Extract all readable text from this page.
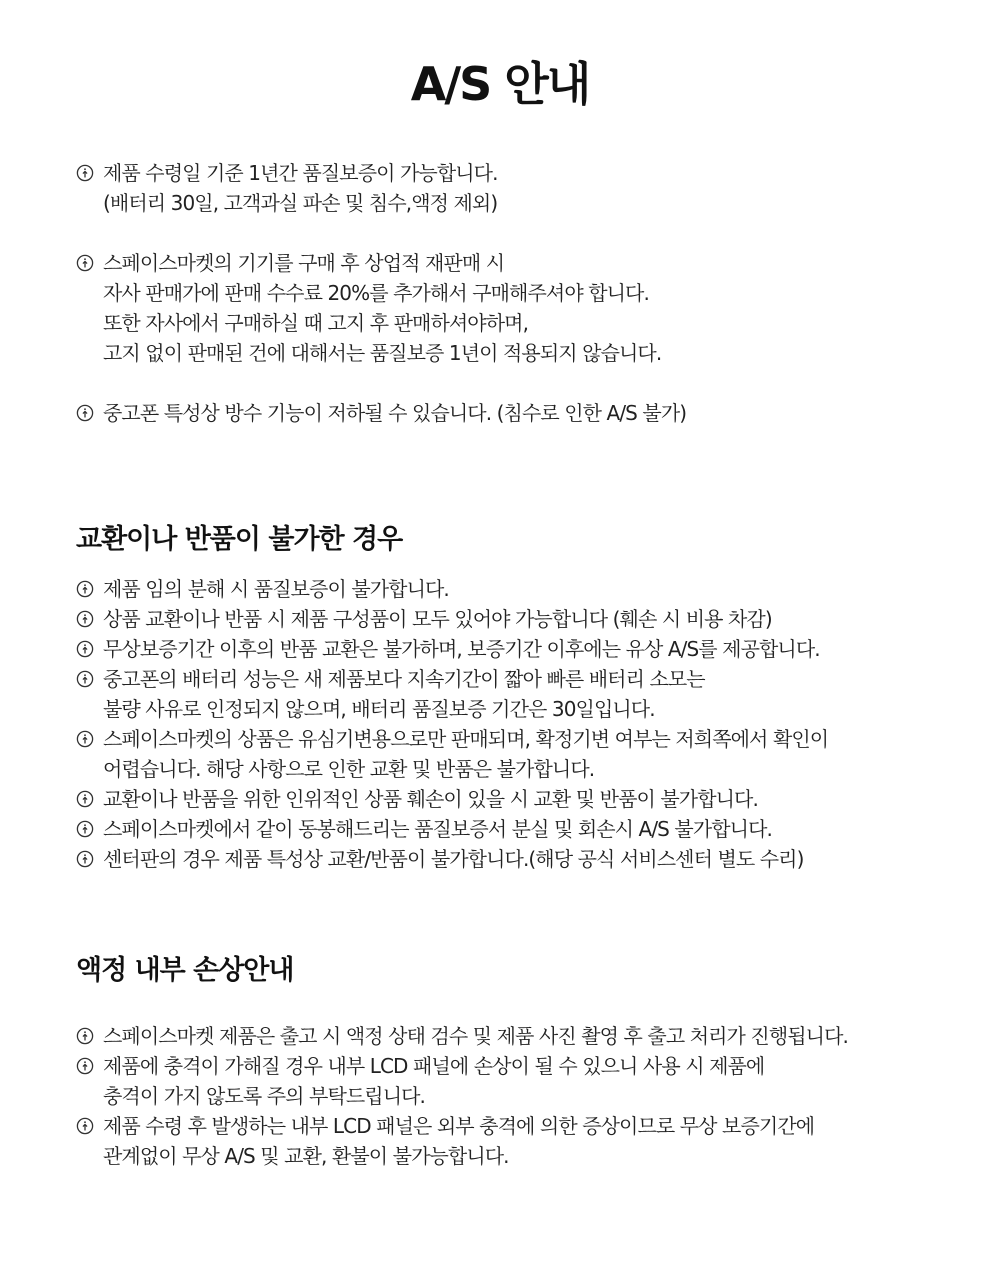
A/S 안내
제품 수령일 기준 1년간 품질보증이 가능합니다.
(배터리 30일, 고객과실 파손 및 침수,액정 제외)
스페이스마켓의 기기를 구매 후 상업적 재판매 시
자사 판매가에 판매 수수료 20%를 추가해서 구매해주셔야 합니다.
또한 자사에서 구매하실 때 고지 후 판매하셔야하며,
고지 없이 판매된 건에 대해서는 품질보증 1년이 적용되지 않습니다.
중고폰 특성상 방수 기능이 저하될 수 있습니다. (침수로 인한 A/S 불가)
교환이나 반품이 불가한 경우
제품 임의 분해 시 품질보증이 불가합니다.
상품 교환이나 반품 시 제품 구성품이 모두 있어야 가능합니다 (훼손 시 비용 차감)
무상보증기간 이후의 반품 교환은 불가하며, 보증기간 이후에는 유상 A/S를 제공합니다.
중고폰의 배터리 성능은 새 제품보다 지속기간이 짧아 빠른 배터리 소모는
불량 사유로 인정되지 않으며, 배터리 품질보증 기간은 30일입니다.
스페이스마켓의 상품은 유심기변용으로만 판매되며, 확정기변 여부는 저희쪽에서 확인이
어렵습니다. 해당 사항으로 인한 교환 및 반품은 불가합니다.
교환이나 반품을 위한 인위적인 상품 훼손이 있을 시 교환 및 반품이 불가합니다.
스페이스마켓에서 같이 동봉해드리는 품질보증서 분실 및 회손시 A/S 불가합니다.
센터판의 경우 제품 특성상 교환/반품이 불가합니다.(해당 공식 서비스센터 별도 수리)
액정 내부 손상안내
스페이스마켓 제품은 출고 시 액정 상태 검수 및 제품 사진 촬영 후 출고 처리가 진행됩니다.
제품에 충격이 가해질 경우 내부 LCD 패널에 손상이 될 수 있으니 사용 시 제품에
충격이 가지 않도록 주의 부탁드립니다.
제품 수령 후 발생하는 내부 LCD 패널은 외부 충격에 의한 증상이므로 무상 보증기간에
관계없이 무상 A/S 및 교환, 환불이 불가능합니다.
